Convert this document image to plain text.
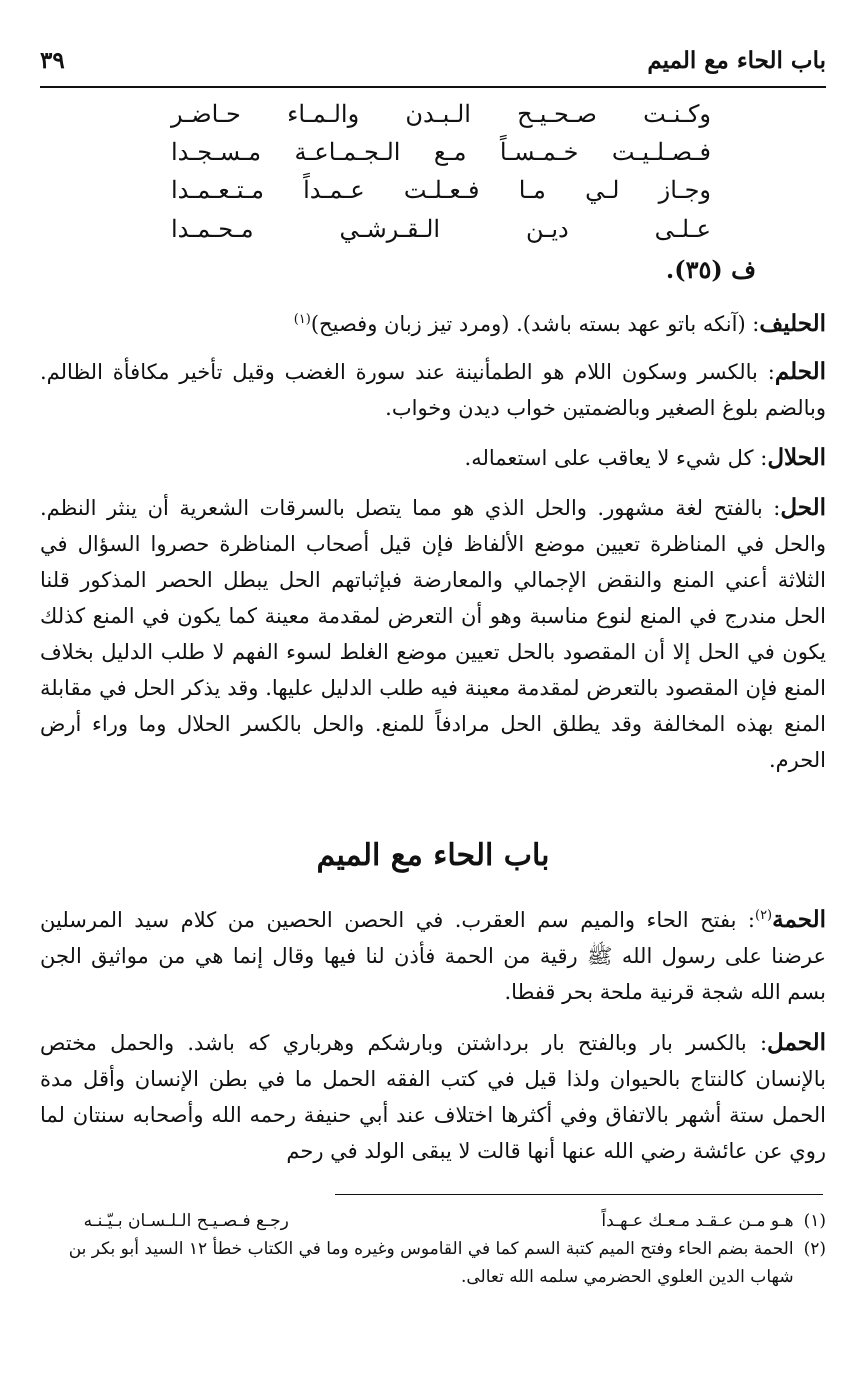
باب الحاء مع الميم
٣٩
وكـنـت صـحـيـح الـبـدن والـمـاء حـاضـر
فـصـلـيـت خـمـسـاً مـع الـجـمـاعـة مـسـجـدا
وجـاز لـي مـا فـعـلـت عـمـداً مـتـعـمـدا
عـلـى ديـن الـقـرشـي مـحـمـدا
ف (٣٥).
الحليف: (آنكه باتو عهد بسته باشد). (ومرد تيز زبان وفصيح)$^{(١)}$
الحلم: بالكسر وسكون اللام هو الطمأنينة عند سورة الغضب وقيل تأخير مكافأة الظالم. وبالضم بلوغ الصغير وبالضمتين خواب ديدن وخواب.
الحلال: كل شيء لا يعاقب على استعماله.
الحل: بالفتح لغة مشهور. والحل الذي هو مما يتصل بالسرقات الشعرية أن ينثر النظم. والحل في المناظرة تعيين موضع الألفاظ فإن قيل أصحاب المناظرة حصروا السؤال في الثلاثة أعني المنع والنقض الإجمالي والمعارضة فبإثباتهم الحل يبطل الحصر المذكور قلنا الحل مندرج في المنع لنوع مناسبة وهو أن التعرض لمقدمة معينة كما يكون في المنع كذلك يكون في الحل إلا أن المقصود بالحل تعيين موضع الغلط لسوء الفهم لا طلب الدليل بخلاف المنع فإن المقصود بالتعرض لمقدمة معينة فيه طلب الدليل عليها. وقد يذكر الحل في مقابلة المنع بهذه المخالفة وقد يطلق الحل مرادفاً للمنع. والحل بالكسر الحلال وما وراء أرض الحرم.
باب الحاء مع الميم
الحمة$^{(٢)}$: بفتح الحاء والميم سم العقرب. في الحصن الحصين من كلام سيد المرسلين عرضنا على رسول الله ﷺ رقية من الحمة فأذن لنا فيها وقال إنما هي من مواثيق الجن بسم الله شجة قرنية ملحة بحر قفطا.
الحمل: بالكسر بار وبالفتح بار برداشتن وبارشكم وهرباري كه باشد. والحمل مختص بالإنسان كالنتاج بالحيوان ولذا قيل في كتب الفقه الحمل ما في بطن الإنسان وأقل مدة الحمل ستة أشهر بالاتفاق وفي أكثرها اختلاف عند أبي حنيفة رحمه الله وأصحابه سنتان لما روي عن عائشة رضي الله عنها أنها قالت لا يبقى الولد في رحم
(١)
هـو مـن عـقـد مـعـك عـهـداً
رجـع فـصـيـح الـلـسـان بـيّـنـه
(٢)
الحمة بضم الحاء وفتح الميم كتبة السم كما في القاموس وغيره وما في الكتاب خطأ ١٢ السيد أبو بكر بن شهاب الدين العلوي الحضرمي سلمه الله تعالى.
